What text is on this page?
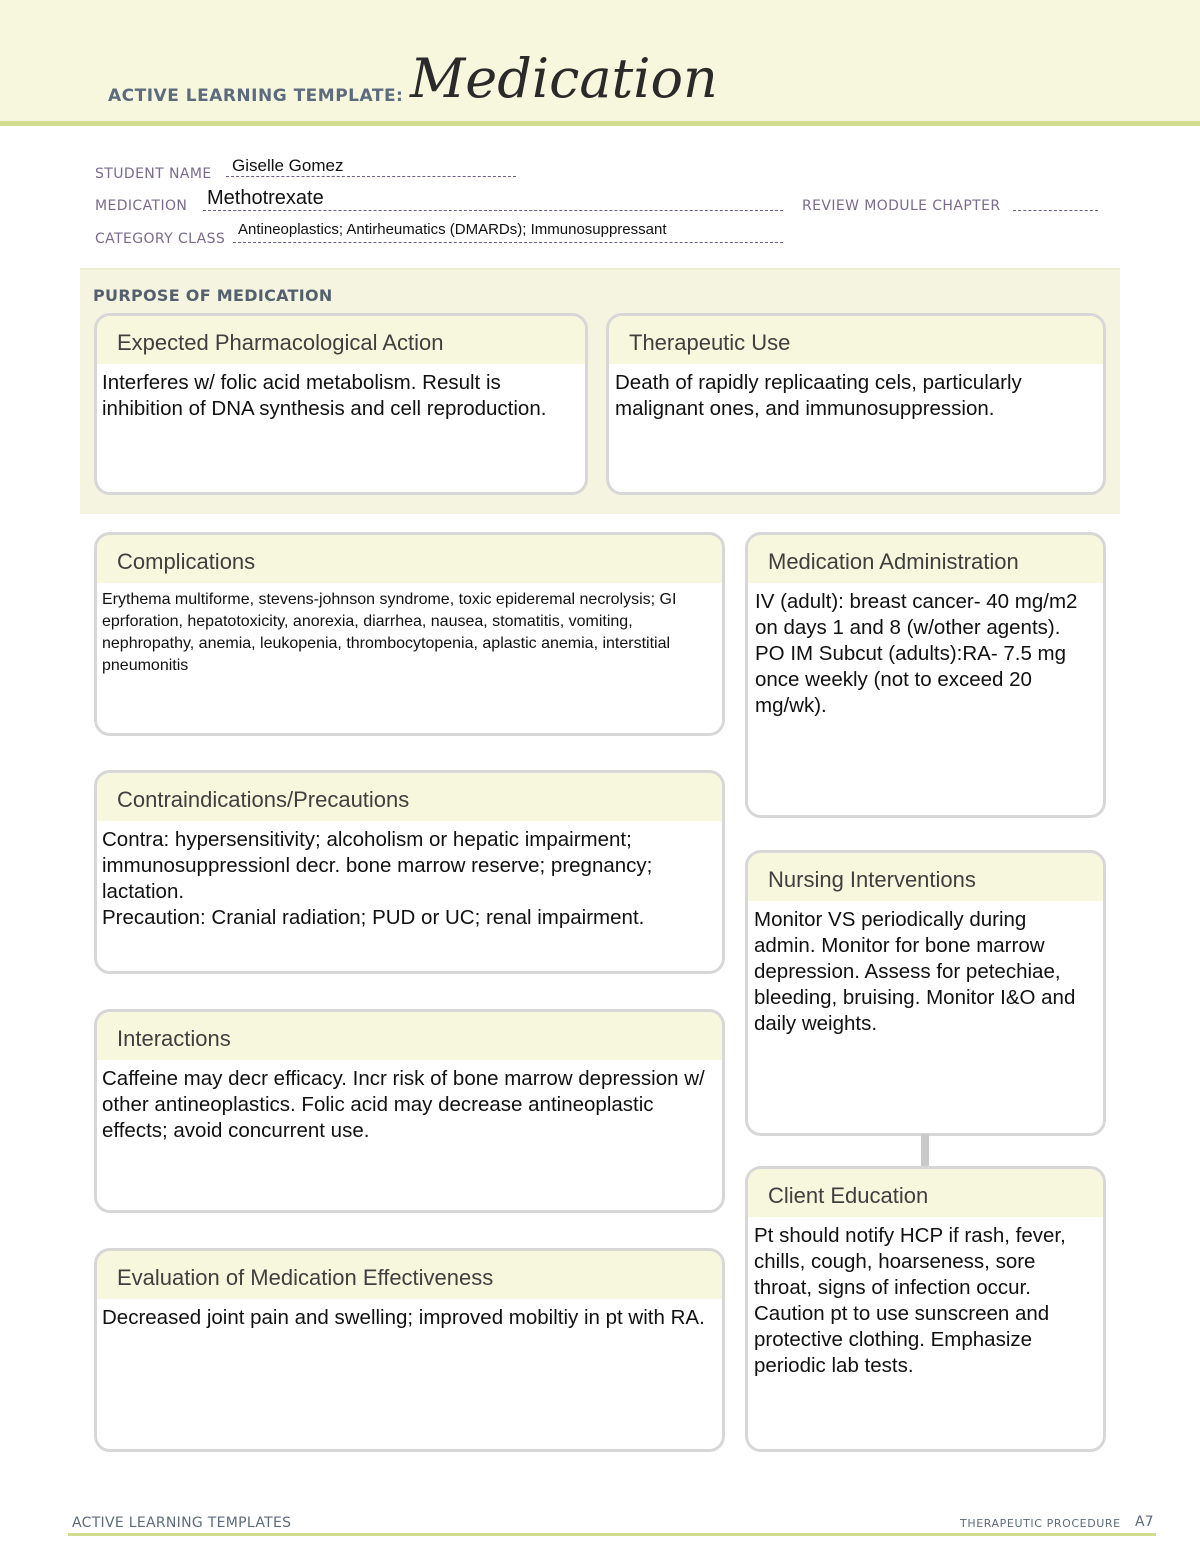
ACTIVE LEARNING TEMPLATE: Medication
STUDENT NAME Giselle Gomez
MEDICATION Methotrexate	REVIEW MODULE CHAPTER
CATEGORY CLASS
Antineoplastics; Antirheumatics (DMARDs); Immunosuppressant
PURPOSE OF MEDICATION
Expected Pharmacological Action
Interferes w/ folic acid metabolism. Result is inhibition of DNA synthesis and cell reproduction.
Therapeutic Use
Death of rapidly replicaating cels, particularly malignant ones, and immunosuppression.
Complications
Erythema multiforme, stevens-johnson syndrome, toxic epideremal necrolysis; GI eprforation, hepatotoxicity, anorexia, diarrhea, nausea, stomatitis, vomiting, nephropathy, anemia, leukopenia, thrombocytopenia, aplastic anemia, interstitial pneumonitis
Contraindications/Precautions
Contra: hypersensitivity; alcoholism or hepatic impairment; immunosuppressionl decr. bone marrow reserve; pregnancy; lactation.
Precaution: Cranial radiation; PUD or UC; renal impairment.
Interactions
Caffeine may decr efficacy. Incr risk of bone marrow depression w/ other antineoplastics. Folic acid may decrease antineoplastic effects; avoid concurrent use.
Evaluation of Medication Effectiveness
Decreased joint pain and swelling; improved mobiltiy in pt with RA.
Medication Administration
IV (adult): breast cancer- 40 mg/m2 on days 1 and 8 (w/other agents).
PO IM Subcut (adults):RA- 7.5 mg once weekly (not to exceed 20 mg/wk).
Nursing Interventions
Monitor VS periodically during admin. Monitor for bone marrow depression. Assess for petechiae, bleeding, bruising. Monitor I&O and daily weights.
Client Education
Pt should notify HCP if rash, fever, chills, cough, hoarseness, sore throat, signs of infection occur. Caution pt to use sunscreen and protective clothing. Emphasize periodic lab tests.
ACTIVE LEARNING TEMPLATES	THERAPEUTIC PROCEDURE A7
